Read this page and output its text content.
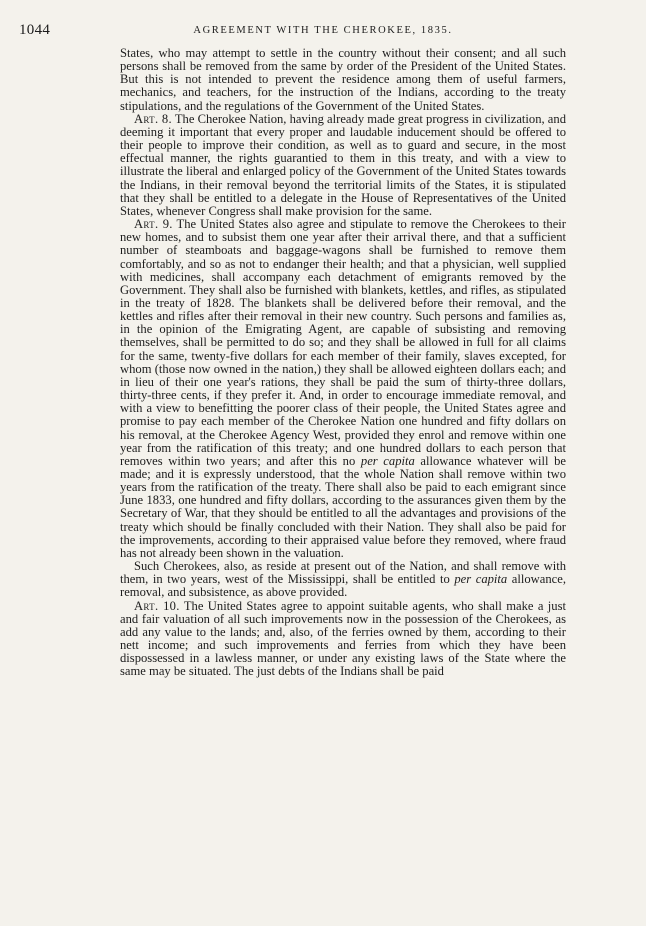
1044	AGREEMENT WITH THE CHEROKEE, 1835.

States, who may attempt to settle in the country without their consent; and all such persons shall be removed from the same by order of the President of the United States. But this is not intended to prevent the residence among them of useful farmers, mechanics, and teachers, for the instruction of the Indians, according to the treaty stipulations, and the regulations of the Government of the United States.

Art. 8. The Cherokee Nation, having already made great progress in civilization, and deeming it important that every proper and laudable inducement should be offered to their people to improve their condition, as well as to guard and secure, in the most effectual manner, the rights guarantied to them in this treaty, and with a view to illustrate the liberal and enlarged policy of the Government of the United States towards the Indians, in their removal beyond the territorial limits of the States, it is stipulated that they shall be entitled to a delegate in the House of Representatives of the United States, whenever Congress shall make provision for the same.

Art. 9. The United States also agree and stipulate to remove the Cherokees to their new homes, and to subsist them one year after their arrival there, and that a sufficient number of steamboats and baggage-wagons shall be furnished to remove them comfortably, and so as not to endanger their health; and that a physician, well supplied with medicines, shall accompany each detachment of emigrants removed by the Government. They shall also be furnished with blankets, kettles, and rifles, as stipulated in the treaty of 1828. The blankets shall be delivered before their removal, and the kettles and rifles after their removal in their new country. Such persons and families as, in the opinion of the Emigrating Agent, are capable of subsisting and removing themselves, shall be permitted to do so; and they shall be allowed in full for all claims for the same, twenty-five dollars for each member of their family, slaves excepted, for whom (those now owned in the nation,) they shall be allowed eighteen dollars each; and in lieu of their one year's rations, they shall be paid the sum of thirty-three dollars, thirty-three cents, if they prefer it. And, in order to encourage immediate removal, and with a view to benefitting the poorer class of their people, the United States agree and promise to pay each member of the Cherokee Nation one hundred and fifty dollars on his removal, at the Cherokee Agency West, provided they enrol and remove within one year from the ratification of this treaty; and one hundred dollars to each person that removes within two years; and after this no per capita allowance whatever will be made; and it is expressly understood, that the whole Nation shall remove within two years from the ratification of the treaty. There shall also be paid to each emigrant since June 1833, one hundred and fifty dollars, according to the assurances given them by the Secretary of War, that they should be entitled to all the advantages and provisions of the treaty which should be finally concluded with their Nation. They shall also be paid for the improvements, according to their appraised value before they removed, where fraud has not already been shown in the valuation.

Such Cherokees, also, as reside at present out of the Nation, and shall remove with them, in two years, west of the Mississippi, shall be entitled to per capita allowance, removal, and subsistence, as above provided.

Art. 10. The United States agree to appoint suitable agents, who shall make a just and fair valuation of all such improvements now in the possession of the Cherokees, as add any value to the lands; and, also, of the ferries owned by them, according to their nett income; and such improvements and ferries from which they have been dispossessed in a lawless manner, or under any existing laws of the State where the same may be situated. The just debts of the Indians shall be paid
